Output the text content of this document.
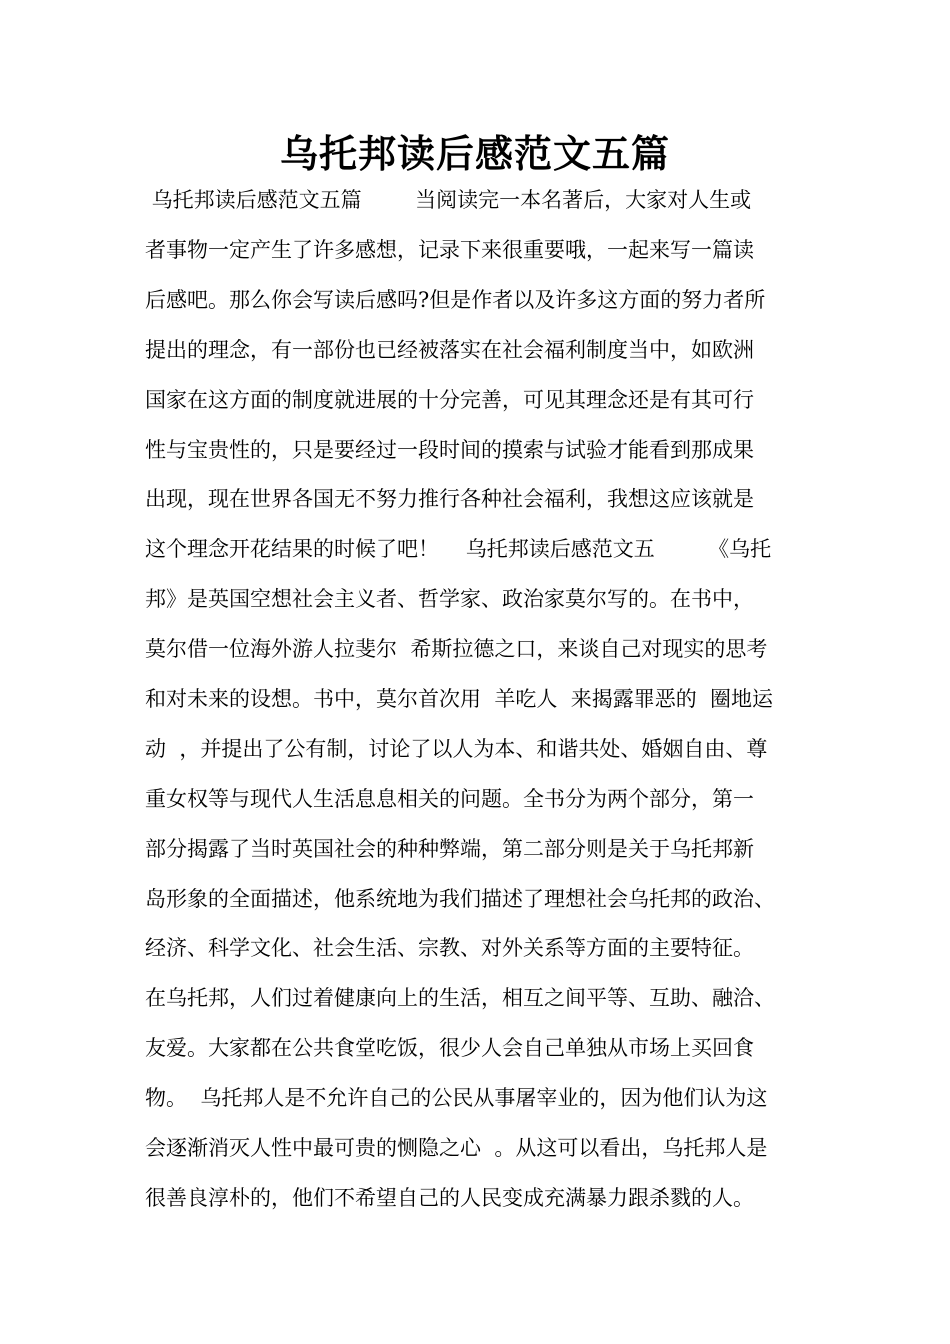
乌托邦读后感范文五篇
乌托邦读后感范文五篇        当阅读完一本名著后，大家对人生或
者事物一定产生了许多感想，记录下来很重要哦，一起来写一篇读
后感吧。那么你会写读后感吗?但是作者以及许多这方面的努力者所
提出的理念，有一部份也已经被落实在社会福利制度当中，如欧洲
国家在这方面的制度就进展的十分完善，可见其理念还是有其可行
性与宝贵性的，只是要经过一段时间的摸索与试验才能看到那成果
出现，现在世界各国无不努力推行各种社会福利，我想这应该就是
这个理念开花结果的时候了吧！    乌托邦读后感范文五        《乌托
邦》是英国空想社会主义者、哲学家、政治家莫尔写的。在书中，
莫尔借一位海外游人拉斐尔  希斯拉德之口，来谈自己对现实的思考
和对未来的设想。书中，莫尔首次用  羊吃人  来揭露罪恶的  圈地运
动  ，并提出了公有制，讨论了以人为本、和谐共处、婚姻自由、尊
重女权等与现代人生活息息相关的问题。全书分为两个部分，第一
部分揭露了当时英国社会的种种弊端，第二部分则是关于乌托邦新
岛形象的全面描述，他系统地为我们描述了理想社会乌托邦的政治、
经济、科学文化、社会生活、宗教、对外关系等方面的主要特征。
在乌托邦，人们过着健康向上的生活，相互之间平等、互助、融洽、
友爱。大家都在公共食堂吃饭，很少人会自己单独从市场上买回食
物。  乌托邦人是不允许自己的公民从事屠宰业的，因为他们认为这
会逐渐消灭人性中最可贵的恻隐之心  。从这可以看出，乌托邦人是
很善良淳朴的，他们不希望自己的人民变成充满暴力跟杀戮的人。
